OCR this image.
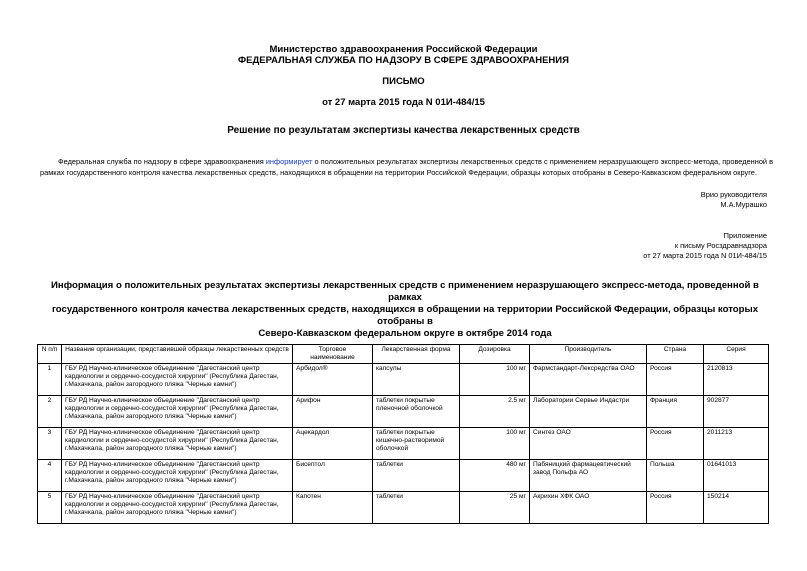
Министерство здравоохранения Российской Федерации
ФЕДЕРАЛЬНАЯ СЛУЖБА ПО НАДЗОРУ В СФЕРЕ ЗДРАВООХРАНЕНИЯ
ПИСЬМО
от 27 марта 2015 года N 01И-484/15
Решение по результатам экспертизы качества лекарственных средств
Федеральная служба по надзору в сфере здравоохранения информирует о положительных результатах экспертизы лекарственных средств с применением неразрушающего экспресс-метода, проведенной в
рамках государственного контроля качества лекарственных средств, находящихся в обращении на территории Российской Федерации, образцы которых отобраны в Северо-Кавказском федеральном округе.
Врио руководителя
М.А.Мурашко
Приложение
к письму Росздравнадзора
от 27 марта 2015 года N 01И-484/15
Информация о положительных результатах экспертизы лекарственных средств с применением неразрушающего экспресс-метода, проведенной в рамках
государственного контроля качества лекарственных средств, находящихся в обращении на территории Российской Федерации, образцы которых отобраны в
Северо-Кавказском федеральном округе в октябре 2014 года
N п/п	Название организации, представившей образцы лекарственных средств	Торговое наименование	Лекарственная форма	Дозировка	Производитель	Страна	Серия
1	ГБУ РД Научно-клиническое объединение "Дагестанский центр кардиологии и сердечно-сосудистой хирургии" (Республика Дагестан, г.Махачкала, район загородного пляжа "Черные камни")	Арбидол®	капсулы	100 мг	Фармстандарт-Лексредства ОАО	Россия	2120813
2	ГБУ РД Научно-клиническое объединение "Дагестанский центр кардиологии и сердечно-сосудистой хирургии" (Республика Дагестан, г.Махачкала, район загородного пляжа "Черные камни")	Арифон	таблетки покрытые пленочной оболочкой	2.5 мг	Лаборатории Сервье Индастри	Франция	902877
3	ГБУ РД Научно-клиническое объединение "Дагестанский центр кардиологии и сердечно-сосудистой хирургии" (Республика Дагестан, г.Махачкала, район загородного пляжа "Черные камни")	Ацекардол	таблетки покрытые кишечно-растворимой оболочкой	100 мг	Синтез ОАО	Россия	2011213
4	ГБУ РД Научно-клиническое объединение "Дагестанский центр кардиологии и сердечно-сосудистой хирургии" (Республика Дагестан, г.Махачкала, район загородного пляжа "Черные камни")	Бисептол	таблетки	480 мг	Пабяницкий фармацевтический завод Польфа АО	Польша	01641013
5	ГБУ РД Научно-клиническое объединение "Дагестанский центр кардиологии и сердечно-сосудистой хирургии" (Республика Дагестан, г.Махачкала, район загородного пляжа "Черные камни")	Капотен	таблетки	25 мг	Акрихин ХФК ОАО	Россия	150214
